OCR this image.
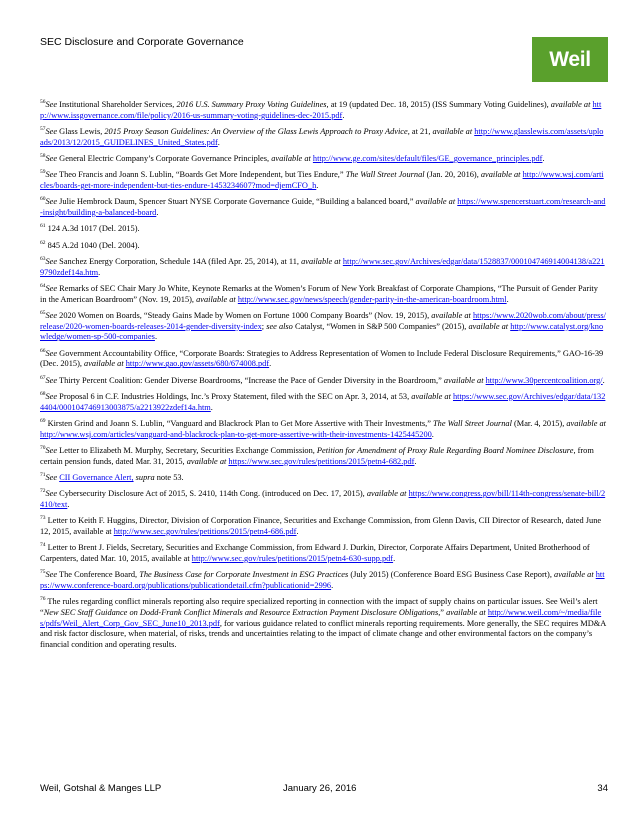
SEC Disclosure and Corporate Governance
Weil

$^{56}$See Institutional Shareholder Services, 2016 U.S. Summary Proxy Voting Guidelines, at 19 (updated Dec. 18, 2015) (ISS Summary Voting Guidelines), available at http://www.issgovernance.com/file/policy/2016-us-summary-voting-guidelines-dec-2015.pdf.

$^{57}$See Glass Lewis, 2015 Proxy Season Guidelines: An Overview of the Glass Lewis Approach to Proxy Advice, at 21, available at http://www.glasslewis.com/assets/uploads/2013/12/2015_GUIDELINES_United_States.pdf.

$^{58}$See General Electric Company’s Corporate Governance Principles, available at http://www.ge.com/sites/default/files/GE_governance_principles.pdf.

$^{59}$See Theo Francis and Joann S. Lublin, “Boards Get More Independent, but Ties Endure,” The Wall Street Journal (Jan. 20, 2016), available at http://www.wsj.com/articles/boards-get-more-independent-but-ties-endure-1453234607?mod=djemCFO_h.

$^{60}$See Julie Hembrock Daum, Spencer Stuart NYSE Corporate Governance Guide, “Building a balanced board,” available at https://www.spencerstuart.com/research-and-insight/building-a-balanced-board.

$^{61}$ 124 A.3d 1017 (Del. 2015).

$^{62}$ 845 A.2d 1040 (Del. 2004).

$^{63}$See Sanchez Energy Corporation, Schedule 14A (filed Apr. 25, 2014), at 11, available at http://www.sec.gov/Archives/edgar/data/1528837/000104746914004138/a2219790zdef14a.htm.

$^{64}$See Remarks of SEC Chair Mary Jo White, Keynote Remarks at the Women’s Forum of New York Breakfast of Corporate Champions, “The Pursuit of Gender Parity in the American Boardroom” (Nov. 19, 2015), available at http://www.sec.gov/news/speech/gender-parity-in-the-american-boardroom.html.

$^{65}$See 2020 Women on Boards, “Steady Gains Made by Women on Fortune 1000 Company Boards” (Nov. 19, 2015), available at https://www.2020wob.com/about/press/release/2020-women-boards-releases-2014-gender-diversity-index; see also Catalyst, “Women in S&P 500 Companies” (2015), available at http://www.catalyst.org/knowledge/women-sp-500-companies.

$^{66}$See Government Accountability Office, “Corporate Boards: Strategies to Address Representation of Women to Include Federal Disclosure Requirements,” GAO-16-39 (Dec. 2015), available at http://www.gao.gov/assets/680/674008.pdf.

$^{67}$See Thirty Percent Coalition: Gender Diverse Boardrooms, “Increase the Pace of Gender Diversity in the Boardroom,” available at http://www.30percentcoalition.org/.

$^{68}$See Proposal 6 in C.F. Industries Holdings, Inc.’s Proxy Statement, filed with the SEC on Apr. 3, 2014, at 53, available at https://www.sec.gov/Archives/edgar/data/1324404/000104746913003875/a2213922zdef14a.htm.

$^{69}$ Kirsten Grind and Joann S. Lublin, “Vanguard and Blackrock Plan to Get More Assertive with Their Investments,” The Wall Street Journal (Mar. 4, 2015), available at http://www.wsj.com/articles/vanguard-and-blackrock-plan-to-get-more-assertive-with-their-investments-1425445200.

$^{70}$See Letter to Elizabeth M. Murphy, Secretary, Securities Exchange Commission, Petition for Amendment of Proxy Rule Regarding Board Nominee Disclosure, from certain pension funds, dated Mar. 31, 2015, available at https://www.sec.gov/rules/petitions/2015/petn4-682.pdf.

$^{71}$See CII Governance Alert, supra note 53.

$^{72}$See Cybersecurity Disclosure Act of 2015, S. 2410, 114th Cong. (introduced on Dec. 17, 2015), available at https://www.congress.gov/bill/114th-congress/senate-bill/2410/text.

$^{73}$ Letter to Keith F. Huggins, Director, Division of Corporation Finance, Securities and Exchange Commission, from Glenn Davis, CII Director of Research, dated June 12, 2015, available at http://www.sec.gov/rules/petitions/2015/petn4-686.pdf.

$^{74}$ Letter to Brent J. Fields, Secretary, Securities and Exchange Commission, from Edward J. Durkin, Director, Corporate Affairs Department, United Brotherhood of Carpenters, dated Mar. 10, 2015, available at http://www.sec.gov/rules/petitions/2015/petn4-630-supp.pdf.

$^{75}$See The Conference Board, The Business Case for Corporate Investment in ESG Practices (July 2015) (Conference Board ESG Business Case Report), available at https://www.conference-board.org/publications/publicationdetail.cfm?publicationid=2996.

$^{76}$ The rules regarding conflict minerals reporting also require specialized reporting in connection with the impact of supply chains on particular issues. See Weil’s alert “New SEC Staff Guidance on Dodd-Frank Conflict Minerals and Resource Extraction Payment Disclosure Obligations,” available at http://www.weil.com/~/media/files/pdfs/Weil_Alert_Corp_Gov_SEC_June10_2013.pdf, for various guidance related to conflict minerals reporting requirements. More generally, the SEC requires MD&A and risk factor disclosure, when material, of risks, trends and uncertainties relating to the impact of climate change and other environmental factors on the company’s financial condition and operating results.

Weil, Gotshal & Manges LLP	January 26, 2016	34
